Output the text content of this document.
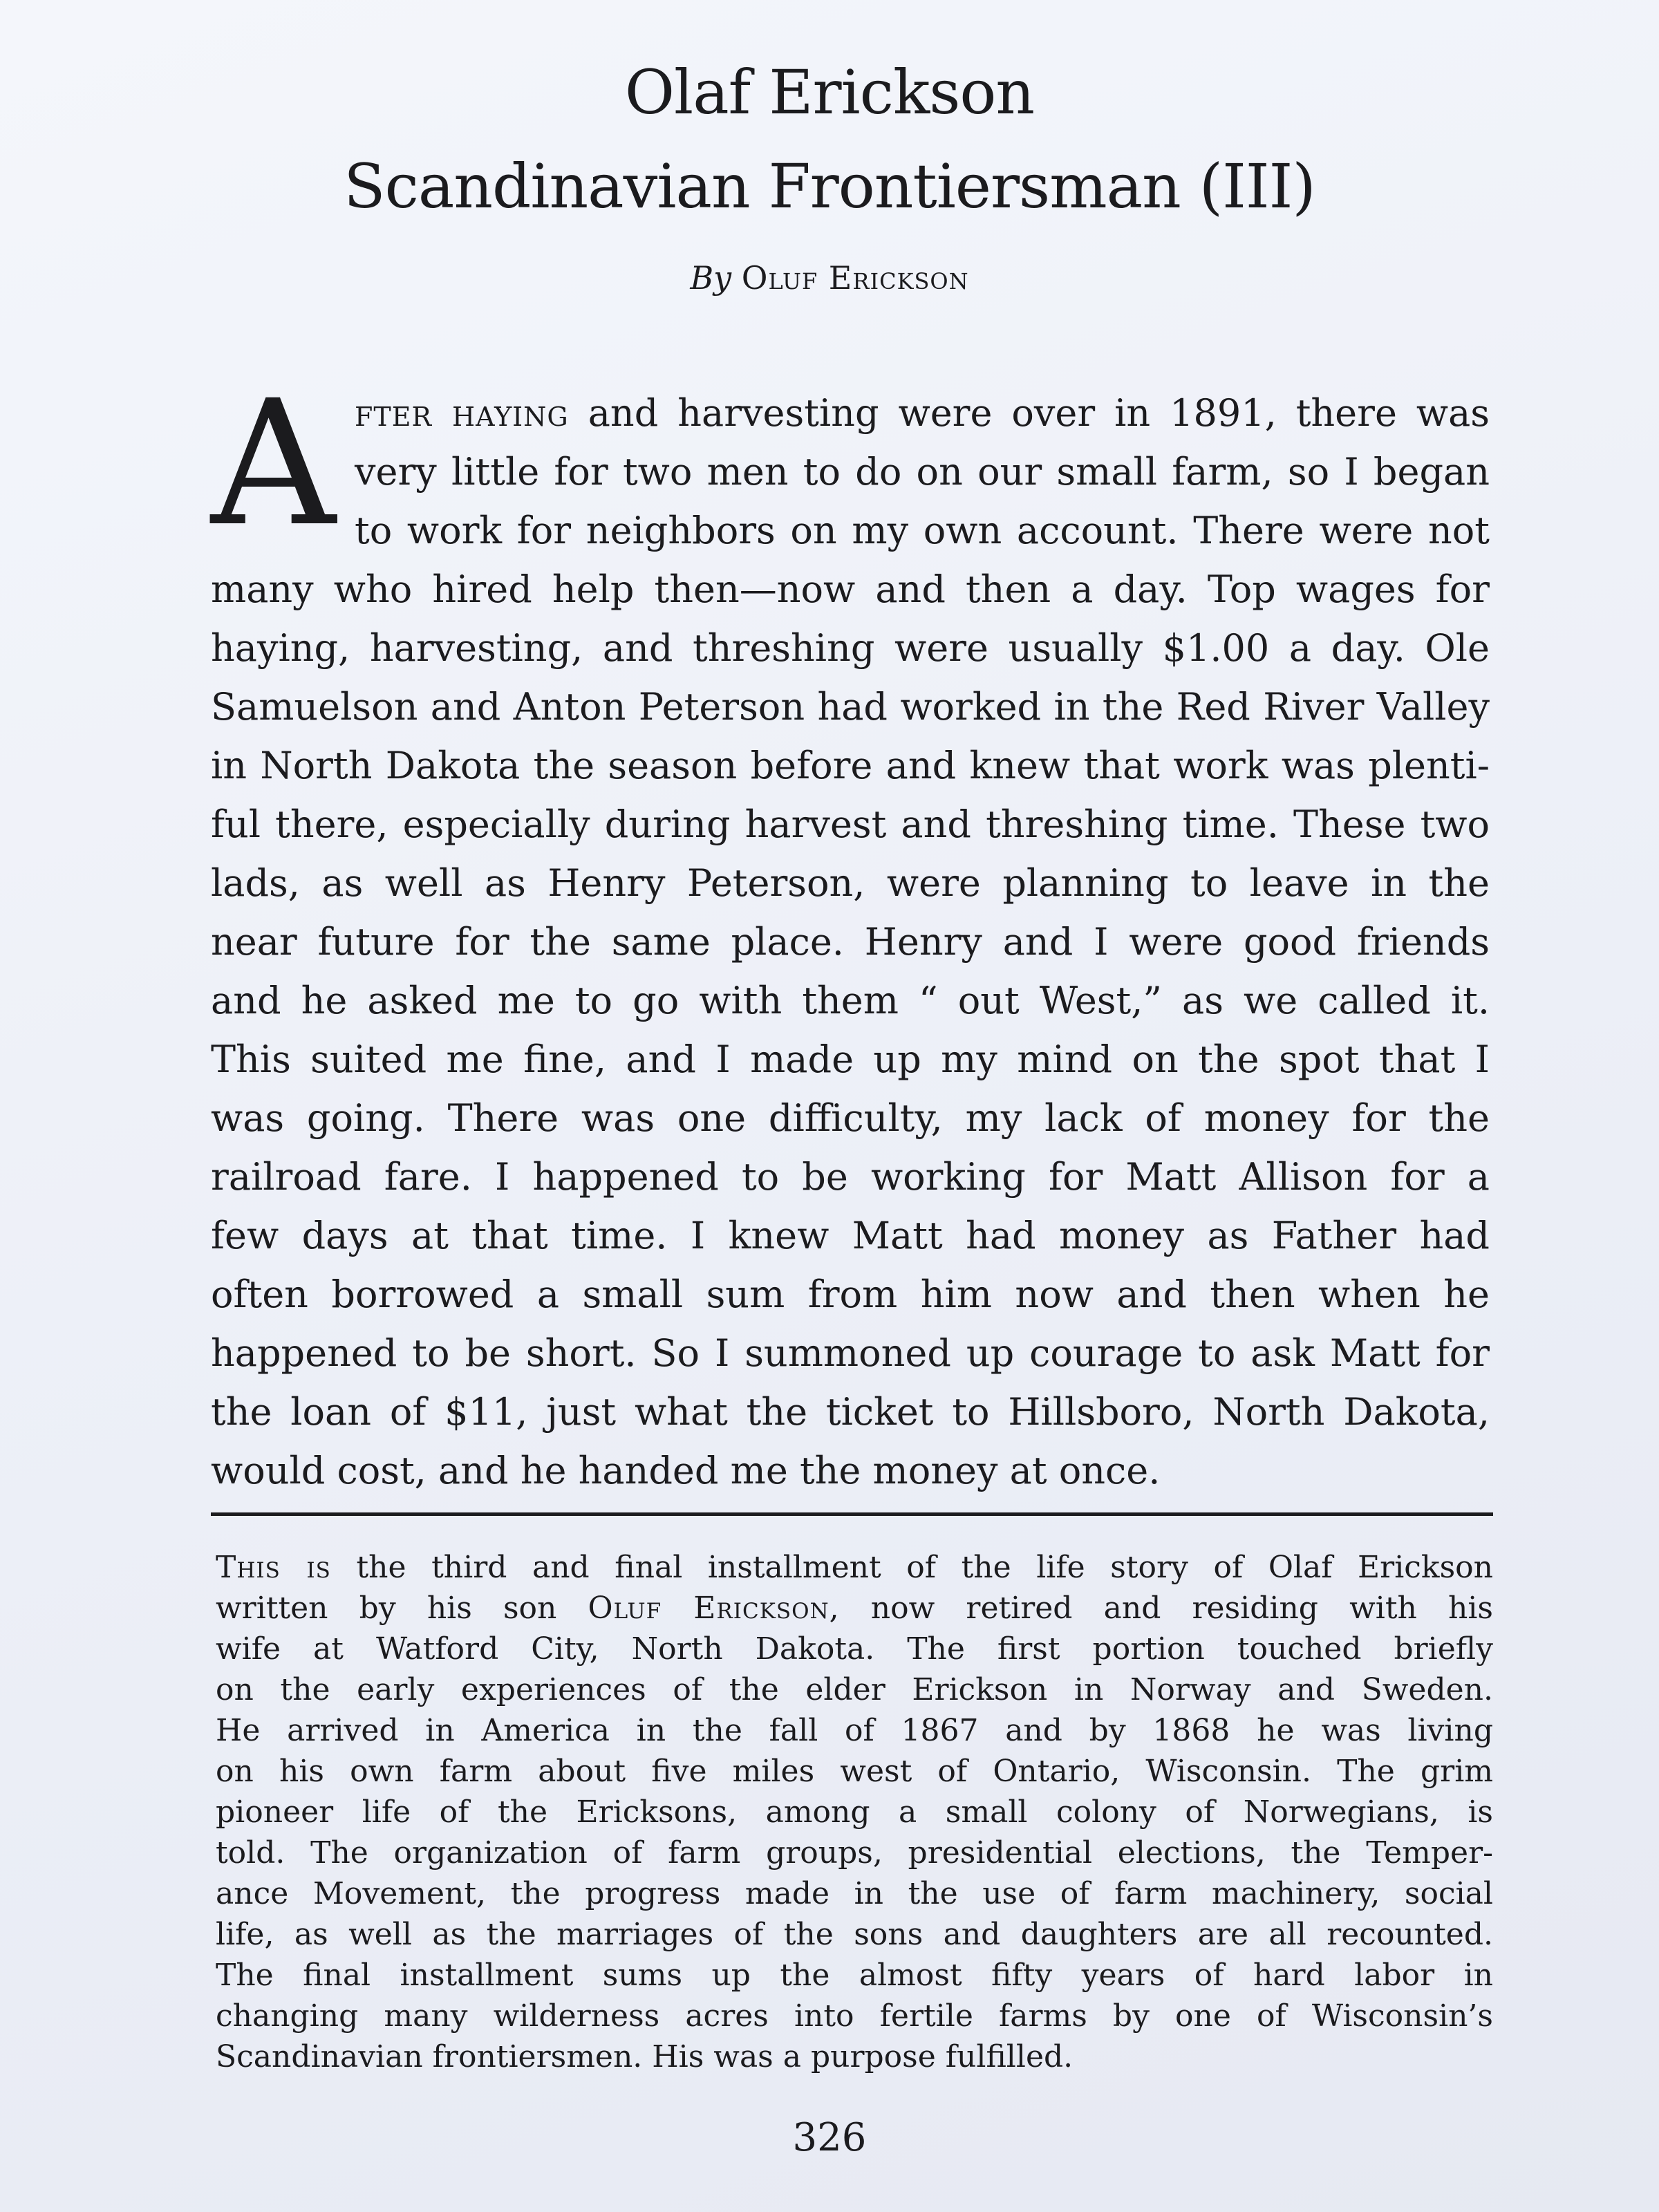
Olaf Erickson
Scandinavian Frontiersman (III)
By Oluf Erickson
A fter haying and harvesting were over in 1891, there was
very little for two men to do on our small farm, so I began
to work for neighbors on my own account. There were not
many who hired help then—now and then a day. Top wages for
haying, harvesting, and threshing were usually $1.00 a day. Ole
Samuelson and Anton Peterson had worked in the Red River Valley
in North Dakota the season before and knew that work was plenti-
ful there, especially during harvest and threshing time. These two
lads, as well as Henry Peterson, were planning to leave in the
near future for the same place. Henry and I were good friends
and he asked me to go with them “ out West,” as we called it.
This suited me fine, and I made up my mind on the spot that I
was going. There was one difficulty, my lack of money for the
railroad fare. I happened to be working for Matt Allison for a
few days at that time. I knew Matt had money as Father had
often borrowed a small sum from him now and then when he
happened to be short. So I summoned up courage to ask Matt for
the loan of $11, just what the ticket to Hillsboro, North Dakota,
would cost, and he handed me the money at once.
This is the third and final installment of the life story of Olaf Erickson
written by his son Oluf Erickson, now retired and residing with his
wife at Watford City, North Dakota. The first portion touched briefly
on the early experiences of the elder Erickson in Norway and Sweden.
He arrived in America in the fall of 1867 and by 1868 he was living
on his own farm about five miles west of Ontario, Wisconsin. The grim
pioneer life of the Ericksons, among a small colony of Norwegians, is
told. The organization of farm groups, presidential elections, the Temper-
ance Movement, the progress made in the use of farm machinery, social
life, as well as the marriages of the sons and daughters are all recounted.
The final installment sums up the almost fifty years of hard labor in
changing many wilderness acres into fertile farms by one of Wisconsin’s
Scandinavian frontiersmen. His was a purpose fulfilled.
326
